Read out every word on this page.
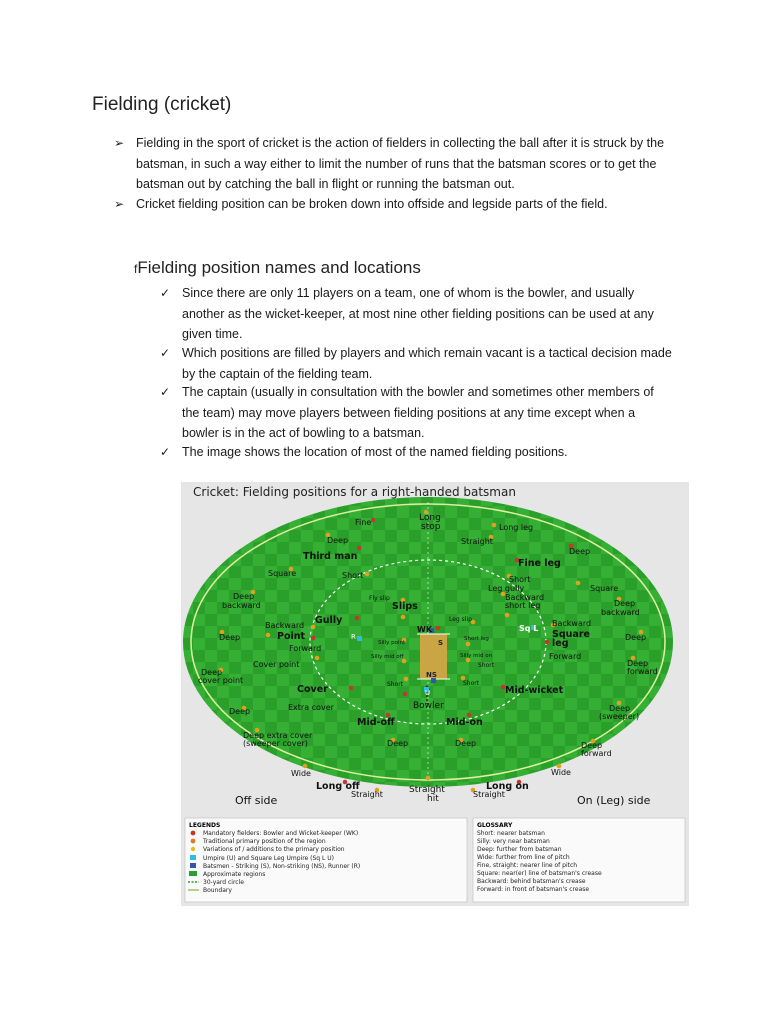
Fielding (cricket)
➢ Fielding in the sport of cricket is the action of fielders in collecting the ball after it is struck by the
batsman, in such a way either to limit the number of runs that the batsman scores or to get the
batsman out by catching the ball in flight or running the batsman out.
➢ Cricket fielding position can be broken down into offside and legside parts of the field.
fFielding position names and locations
✓ Since there are only 11 players on a team, one of whom is the bowler, and usually
another as the wicket-keeper, at most nine other fielding positions can be used at any
given time.
✓ Which positions are filled by players and which remain vacant is a tactical decision made
by the captain of the fielding team.
✓ The captain (usually in consultation with the bowler and sometimes other members of
the team) may move players between fielding positions at any time except when a
bowler is in the act of bowling to a batsman.
✓ The image shows the location of most of the named fielding positions.
Cricket: Fielding positions for a right-handed batsman
Fine	Long
stop	Long leg
Deep	Straight
Deep
Third man
Fine leg
Square	Short	Short
Square
Deep
backward
Fly slip
Slips
Leg gully
Backward
short leg	Deep
backward
Gully
Backward
Leg slip
WK	Sq L
Backward
Point	Square
leg
Deep	Deep
Forward
Forward
Silly point
Short leg
Silly mid off	Silly mid on
Cover point	Short
Deep
cover point
Deep
forward
Cover	Short	Short
Mid-wicket
Extra cover	Bowler
Deep	Deep
(sweeper)
Mid-off	Mid-on
Deep extra cover
(sweeper cover)	Deep	Deep	Deep
forward
Wide	Wide
Long off	Long on
Straight
hit
Straight	Straight
S
NS
U
R
Off side	On (Leg) side
LEGENDS
Mandatory fielders: Bowler and Wicket-keeper (WK)
Traditional primary position of the region
Variations of / additions to the primary position
Umpire (U) and Square Leg Umpire (Sq L U)
Batsmen - Striking (S), Non-striking (NS), Runner (R)
Approximate regions
30-yard circle
Boundary
GLOSSARY
Short: nearer batsman
Silly: very near batsman
Deep: further from batsman
Wide: further from line of pitch
Fine, straight: nearer line of pitch
Square: near(er) line of batsman's crease
Backward: behind batsman's crease
Forward: in front of batsman's crease
